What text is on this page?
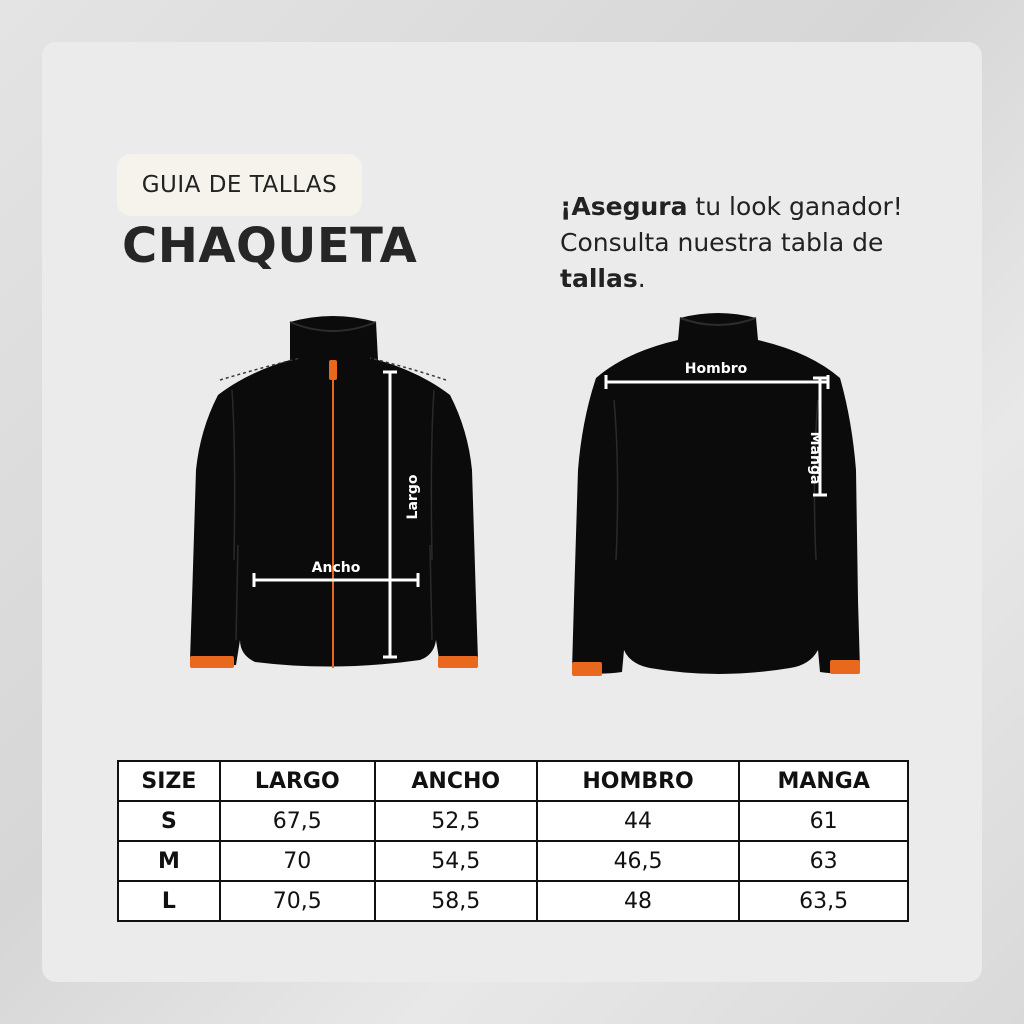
GUIA DE TALLAS
CHAQUETA
¡Asegura tu look ganador!
Consulta nuestra tabla de
tallas.
Largo
Ancho
Hombro
Manga
SIZE	LARGO	ANCHO	HOMBRO	MANGA
S	67,5	52,5	44	61
M	70	54,5	46,5	63
L	70,5	58,5	48	63,5
